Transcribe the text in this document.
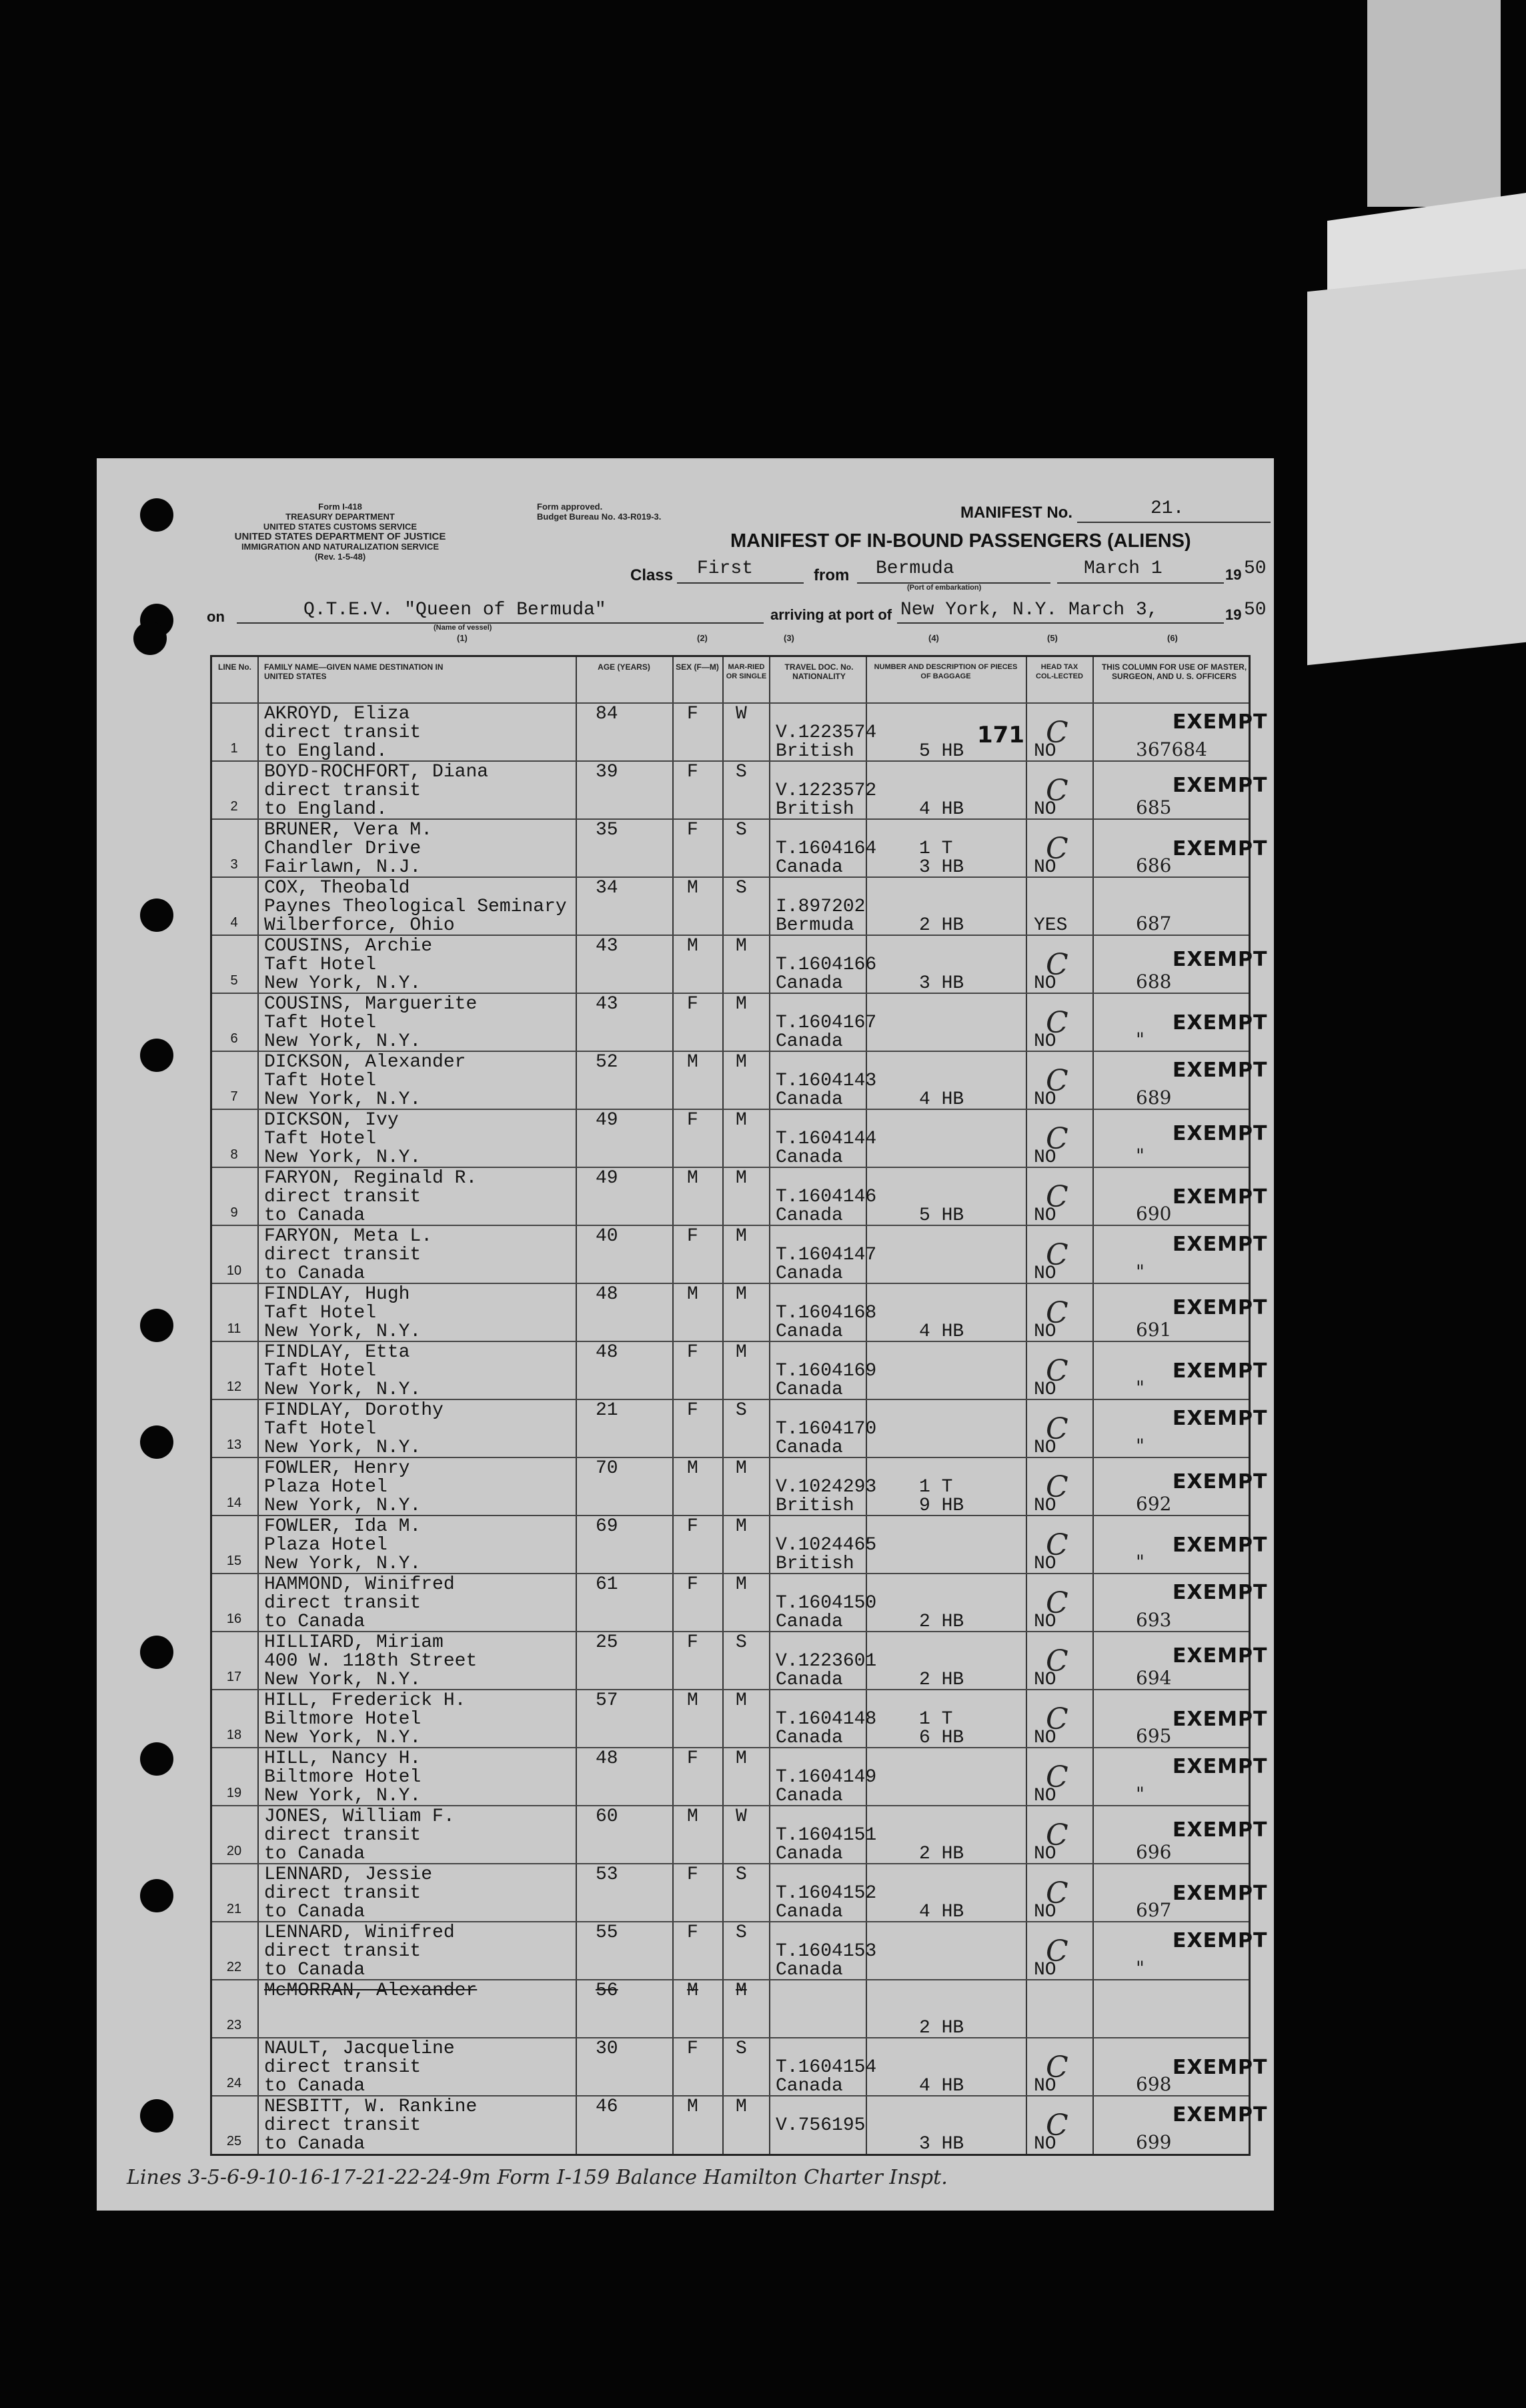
Form I-418
TREASURY DEPARTMENT
UNITED STATES CUSTOMS SERVICE
UNITED STATES DEPARTMENT OF JUSTICE
IMMIGRATION AND NATURALIZATION SERVICE
(Rev. 1-5-48)
Form approved.
Budget Bureau No. 43-R019-3.	MANIFEST No.	21.
MANIFEST OF IN-BOUND PASSENGERS (ALIENS)
Class First	from Bermuda
(Port of embarkation)
March 1	19 50
on	Q.T.E.V. "Queen of Bermuda"
(Name of vessel)
arriving at port of New York, N.Y. March 3,	19 50
(1)	(2)	(3)	(4)	(5)	(6)
LINE No.	FAMILY NAME—GIVEN NAME DESTINATION IN UNITED STATES
AGE (YEARS)	SEX (F—M)	MAR-RIED OR SINGLE
TRAVEL DOC. No. NATIONALITY
NUMBER AND DESCRIPTION OF PIECES OF BAGGAGE
HEAD TAX COL-LECTED
THIS COLUMN FOR USE OF MASTER, SURGEON, AND U. S. OFFICERS
1
AKROYD, Eliza
direct transit
to England.
84	F W
V.1223574
British	5 HB	NO
C	367684
EXEMPT
2
BOYD-ROCHFORT, Diana
direct transit
to England.
39	F S
V.1223572
British	4 HB	NO
C	685
EXEMPT
3
BRUNER, Vera M.
Chandler Drive
Fairlawn, N.J.
35	F S
T.1604164
Canada
1 T
3 HB	NO
C	686
EXEMPT
4
COX, Theobald
Paynes Theological Seminary
Wilberforce, Ohio
34	M S
I.897202
Bermuda	2 HB	YES	687
5
COUSINS, Archie
Taft Hotel
New York, N.Y.
43	M M
T.1604166
Canada	3 HB	NO
C	688
EXEMPT
6
COUSINS, Marguerite
Taft Hotel
New York, N.Y.
43	F M
T.1604167
Canada	NO
C	"
EXEMPT
7
DICKSON, Alexander
Taft Hotel
New York, N.Y.
52	M M
T.1604143
Canada	4 HB	NO
C	689
EXEMPT
8
DICKSON, Ivy
Taft Hotel
New York, N.Y.
49	F M
T.1604144
Canada	NO
C	"
EXEMPT
9
FARYON, Reginald R.
direct transit
to Canada
49	M M
T.1604146
Canada	5 HB	NO
C	690
EXEMPT
10
FARYON, Meta L.
direct transit
to Canada
40	F M
T.1604147
Canada	NO
C	"
EXEMPT
11
FINDLAY, Hugh
Taft Hotel
New York, N.Y.
48	M M
T.1604168
Canada	4 HB	NO
C	691
EXEMPT
12
FINDLAY, Etta
Taft Hotel
New York, N.Y.
48	F M
T.1604169
Canada	NO
C	"
EXEMPT
13
FINDLAY, Dorothy
Taft Hotel
New York, N.Y.
21	F S
T.1604170
Canada	NO
C	"
EXEMPT
14
FOWLER, Henry
Plaza Hotel
New York, N.Y.
70	M M
V.1024293
British
1 T
9 HB	NO
C	692
EXEMPT
15
FOWLER, Ida M.
Plaza Hotel
New York, N.Y.
69	F M
V.1024465
British	NO
C	"
EXEMPT
16
HAMMOND, Winifred
direct transit
to Canada
61	F M
T.1604150
Canada	2 HB	NO
C	693
EXEMPT
17
HILLIARD, Miriam
400 W. 118th Street
New York, N.Y.
25	F S
V.1223601
Canada	2 HB	NO
C	694
EXEMPT
18
HILL, Frederick H.
Biltmore Hotel
New York, N.Y.
57	M M
T.1604148
Canada
1 T
6 HB	NO
C	695
EXEMPT
19
HILL, Nancy H.
Biltmore Hotel
New York, N.Y.
48	F M
T.1604149
Canada	NO
C	"
EXEMPT
20
JONES, William F.
direct transit
to Canada
60	M W
T.1604151
Canada	2 HB	NO
C	696
EXEMPT
21
LENNARD, Jessie
direct transit
to Canada
53	F S
T.1604152
Canada	4 HB	NO
C	697
EXEMPT
22
LENNARD, Winifred
direct transit
to Canada
55	F S
T.1604153
Canada	NO
C	"
EXEMPT
23
McMORRAN, Alexander	56	M M
2 HB
24
NAULT, Jacqueline
direct transit
to Canada
30	F S
T.1604154
Canada	4 HB	NO
C	698
EXEMPT
25
NESBITT, W. Rankine
direct transit
to Canada
46	M M
V.756195
3 HB	NO
C	699
EXEMPT
171
Lines 3-5-6-9-10-16-17-21-22-24-9m Form I-159 Balance Hamilton Charter Inspt.
